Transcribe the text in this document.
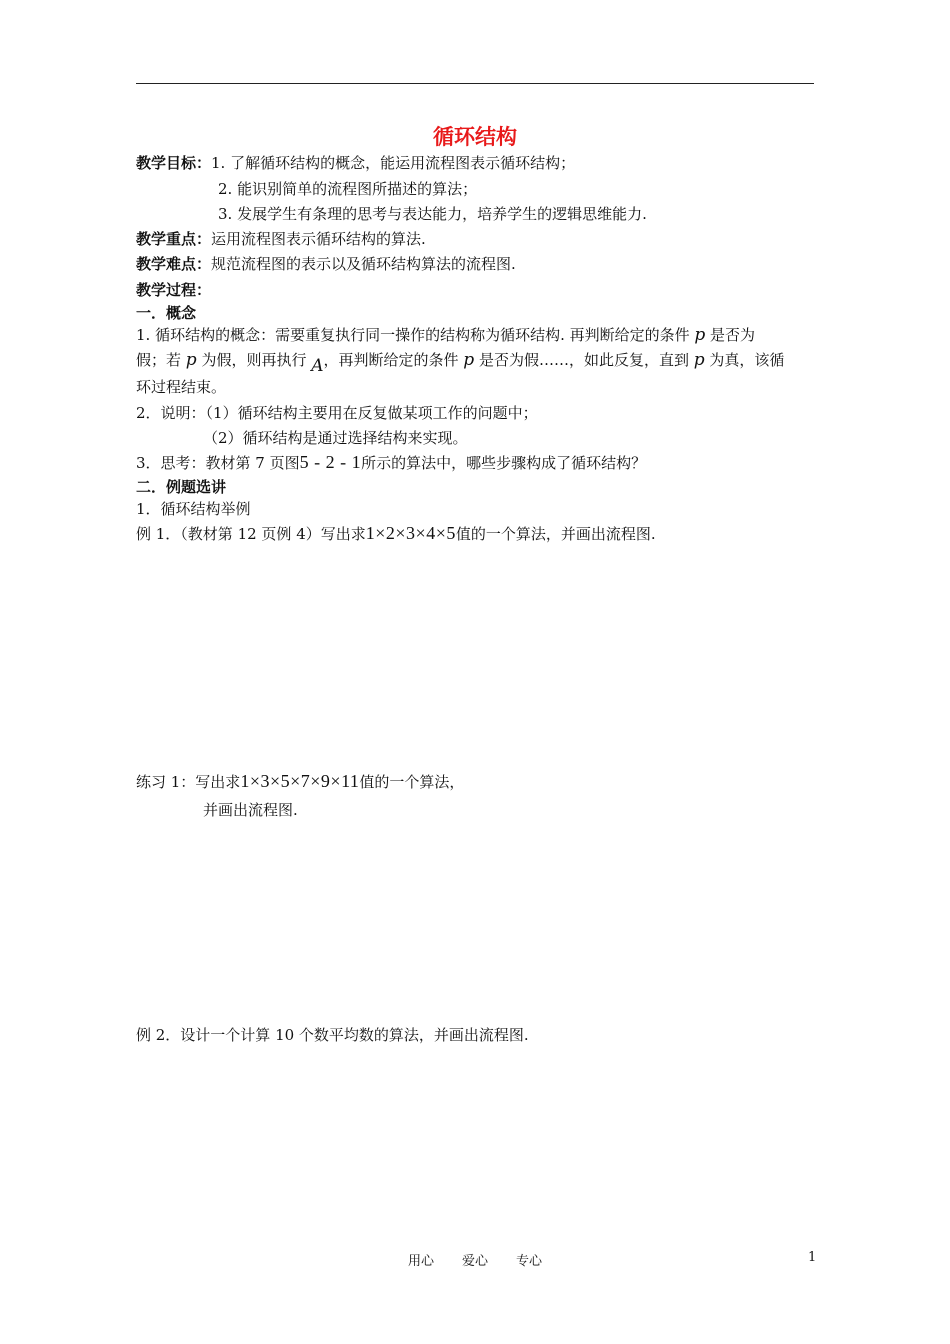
循环结构
教学目标：1. 了解循环结构的概念，能运用流程图表示循环结构；
2. 能识别简单的流程图所描述的算法；
3. 发展学生有条理的思考与表达能力，培养学生的逻辑思维能力.
教学重点：运用流程图表示循环结构的算法.
教学难点：规范流程图的表示以及循环结构算法的流程图.
教学过程：
一．概念
1. 循环结构的概念：需要重复执行同一操作的结构称为循环结构. 再判断给定的条件 p 是否为
假；若 p 为假，则再执行 A，再判断给定的条件 p 是否为假……，如此反复，直到 p 为真，该循
环过程结束。
2．说明：（1）循环结构主要用在反复做某项工作的问题中；
（2）循环结构是通过选择结构来实现。
3．思考：教材第 7 页图5 - 2 - 1所示的算法中，哪些步骤构成了循环结构？
二．例题选讲
1．循环结构举例
例 1．（教材第 12 页例 4）写出求1×2×3×4×5值的一个算法，并画出流程图.
练习 1：写出求1×3×5×7×9×11值的一个算法，
并画出流程图.
例 2．设计一个计算 10 个数平均数的算法，并画出流程图.
用心 爱心 专心	1
